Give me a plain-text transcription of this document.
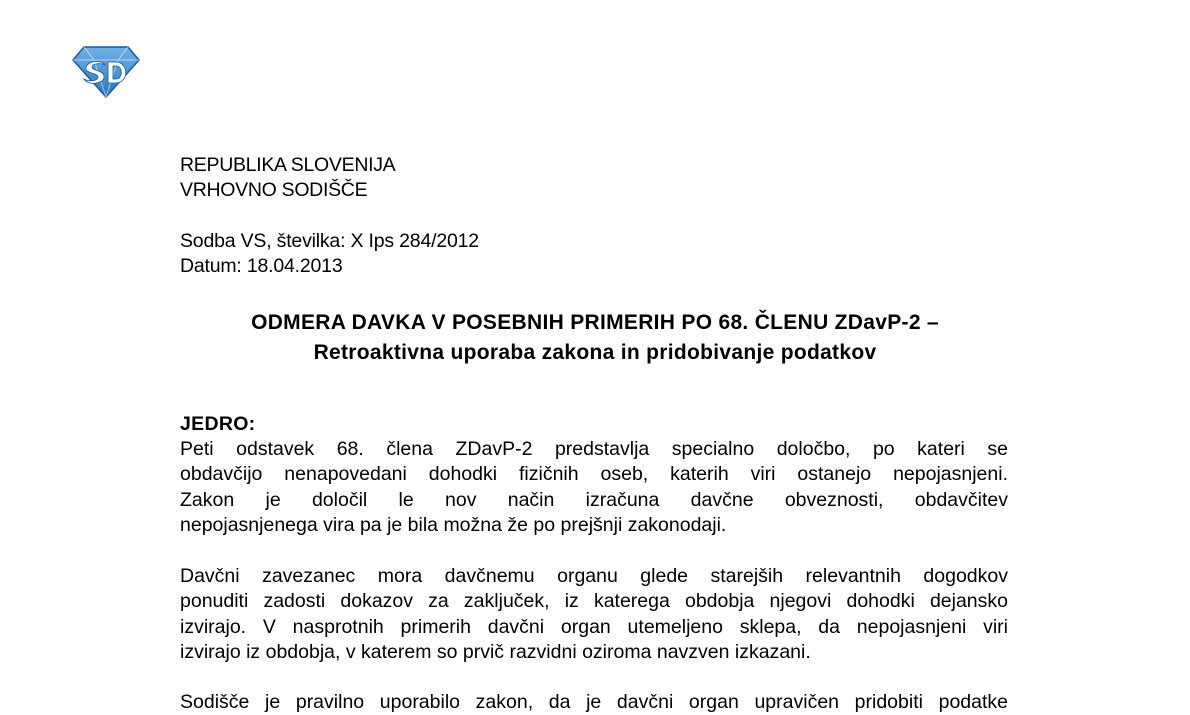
REPUBLIKA SLOVENIJA
VRHOVNO SODIŠČE
Sodba VS, številka: X Ips 284/2012
Datum: 18.04.2013
ODMERA DAVKA V POSEBNIH PRIMERIH PO 68. ČLENU ZDavP-2 –
Retroaktivna uporaba zakona in pridobivanje podatkov
JEDRO:
Peti odstavek 68. člena ZDavP-2 predstavlja specialno določbo, po kateri se
obdavčijo nenapovedani dohodki fizičnih oseb, katerih viri ostanejo nepojasnjeni.
Zakon je določil le nov način izračuna davčne obveznosti, obdavčitev
nepojasnjenega vira pa je bila možna že po prejšnji zakonodaji.
Davčni zavezanec mora davčnemu organu glede starejših relevantnih dogodkov
ponuditi zadosti dokazov za zaključek, iz katerega obdobja njegovi dohodki dejansko
izvirajo. V nasprotnih primerih davčni organ utemeljeno sklepa, da nepojasnjeni viri
izvirajo iz obdobja, v katerem so prvič razvidni oziroma navzven izkazani.
Sodišče je pravilno uporabilo zakon, da je davčni organ upravičen pridobiti podatke
